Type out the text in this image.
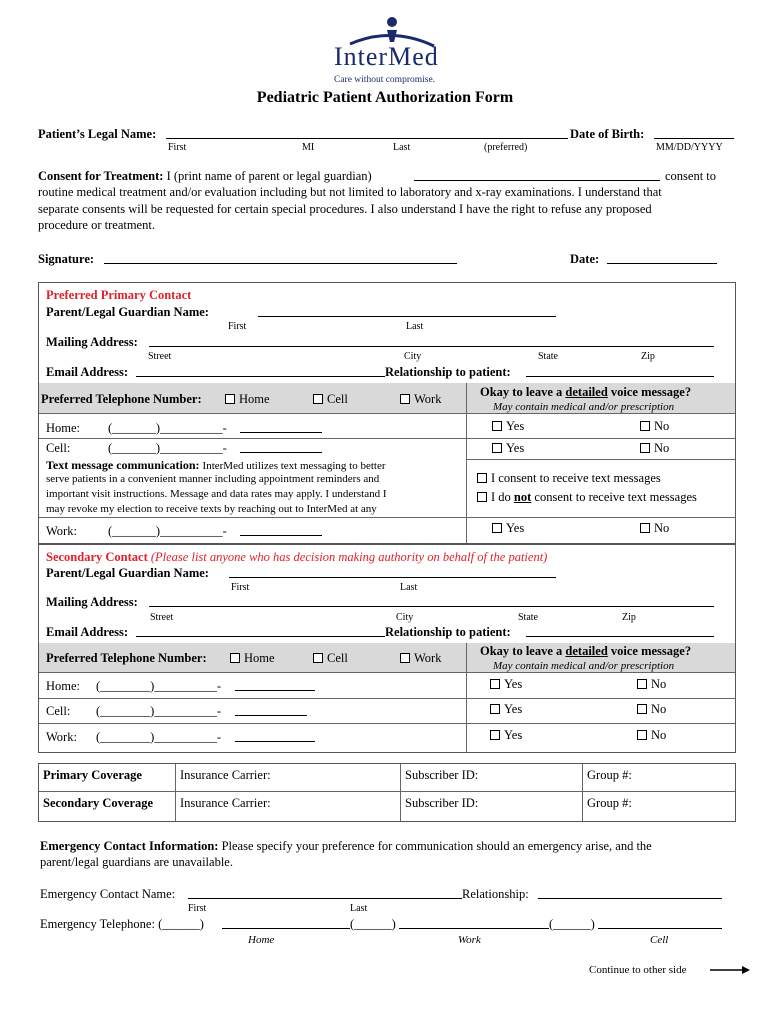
InterMed
Care without compromise.
Pediatric Patient Authorization Form
Patient’s Legal Name:	Date of Birth:
First	MI	Last	(preferred)	MM/DD/YYYY
Consent for Treatment: I (print name of parent or legal guardian)	consent to
routine medical treatment and/or evaluation including but not limited to laboratory and x-ray examinations. I understand that
separate consents will be requested for certain special procedures. I also understand I have the right to refuse any proposed
procedure or treatment.
Signature:	Date:
Preferred Primary Contact
Parent/Legal Guardian Name:
First	Last
Mailing Address:
Street	City	State	Zip
Email Address:	Relationship to patient:
Preferred Telephone Number:	Home	Cell	Work	Okay to leave a detailed voice message?
May contain medical and/or prescription
Home: (_______)__________-	Yes	No
Cell:	(_______)__________-	Yes	No
Text message communication: InterMed utilizes text messaging to better
serve patients in a convenient manner including appointment reminders and
important visit instructions. Message and data rates may apply. I understand I
may revoke my election to receive texts by reaching out to InterMed at any
I consent to receive text messages
I do not consent to receive text messages
Work: (_______)__________-	Yes	No
Secondary Contact (Please list anyone who has decision making authority on behalf of the patient)
Parent/Legal Guardian Name:
First	Last
Mailing Address:
Street	City	State	Zip
Email Address:	Relationship to patient:
Preferred Telephone Number:	Home	Cell	Work	Okay to leave a detailed voice message?
May contain medical and/or prescription
Home: (________)__________-	Yes	No
Cell: (________)__________-	Yes	No
Work: (________)__________-	Yes	No
Primary Coverage	Insurance Carrier:	Subscriber ID:	Group #:
Secondary Coverage Insurance Carrier:	Subscriber ID:	Group #:
Emergency Contact Information: Please specify your preference for communication should an emergency arise, and the
parent/legal guardians are unavailable.
Emergency Contact Name:	Relationship:
First	Last
Emergency Telephone: (______)	(______)	(______)
Home	Work	Cell
Continue to other side
